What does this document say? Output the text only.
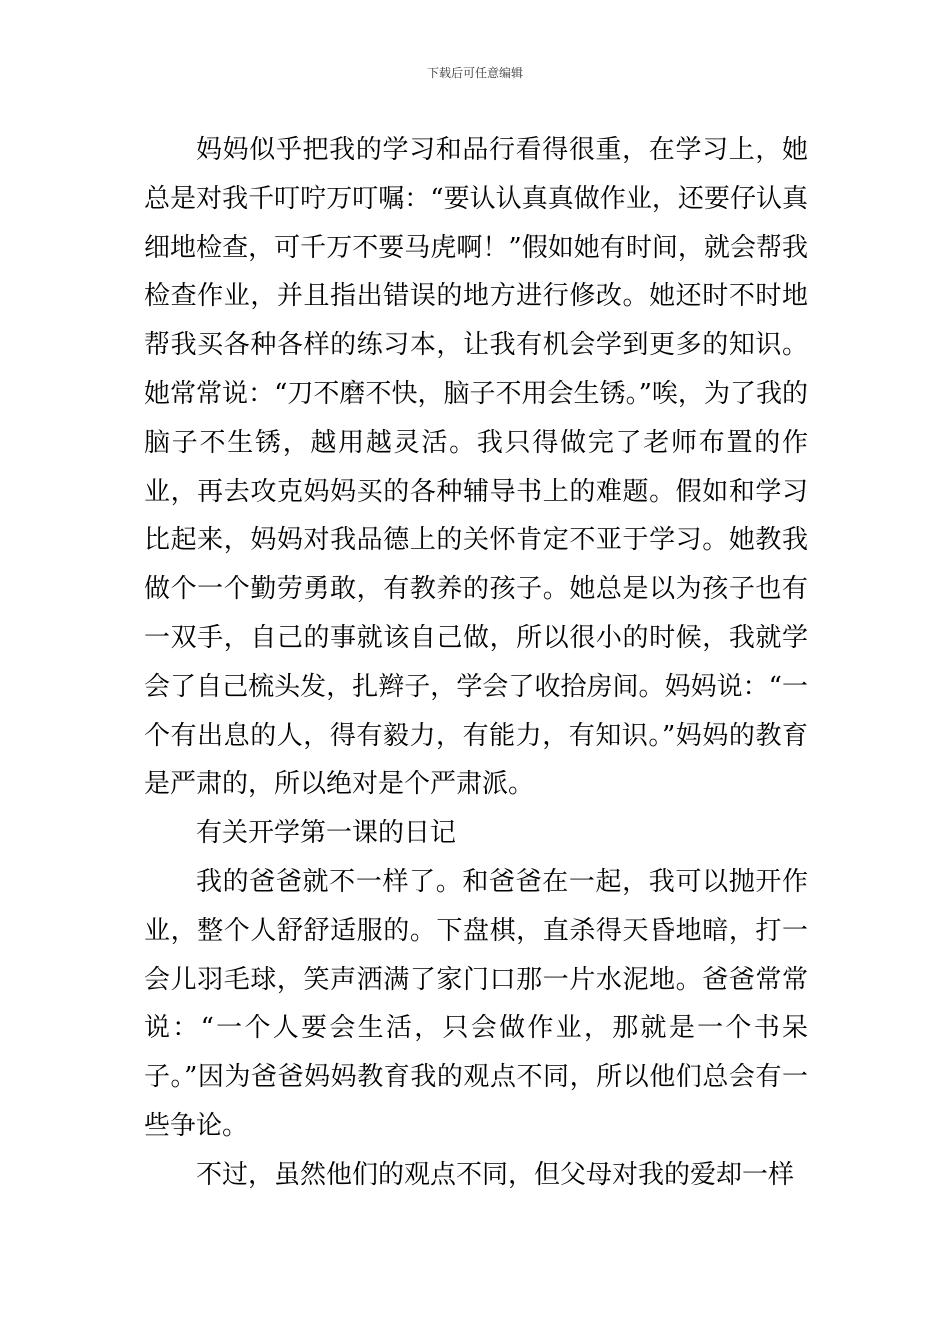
下载后可任意编辑

妈妈似乎把我的学习和品行看得很重，在学习上，她总是对我千叮咛万叮嘱：“要认认真真做作业，还要仔认真细地检查，可千万不要马虎啊！”假如她有时间，就会帮我检查作业，并且指出错误的地方进行修改。她还时不时地帮我买各种各样的练习本，让我有机会学到更多的知识。她常常说：“刀不磨不快，脑子不用会生锈。”唉，为了我的脑子不生锈，越用越灵活。我只得做完了老师布置的作业，再去攻克妈妈买的各种辅导书上的难题。假如和学习比起来，妈妈对我品德上的关怀肯定不亚于学习。她教我做个一个勤劳勇敢，有教养的孩子。她总是以为孩子也有一双手，自己的事就该自己做，所以很小的时候，我就学会了自己梳头发，扎辫子，学会了收拾房间。妈妈说：“一个有出息的人，得有毅力，有能力，有知识。”妈妈的教育是严肃的，所以绝对是个严肃派。

有关开学第一课的日记

我的爸爸就不一样了。和爸爸在一起，我可以抛开作业，整个人舒舒适服的。下盘棋，直杀得天昏地暗，打一会儿羽毛球，笑声洒满了家门口那一片水泥地。爸爸常常说：“一个人要会生活，只会做作业，那就是一个书呆子。”因为爸爸妈妈教育我的观点不同，所以他们总会有一些争论。

不过，虽然他们的观点不同，但父母对我的爱却一样
